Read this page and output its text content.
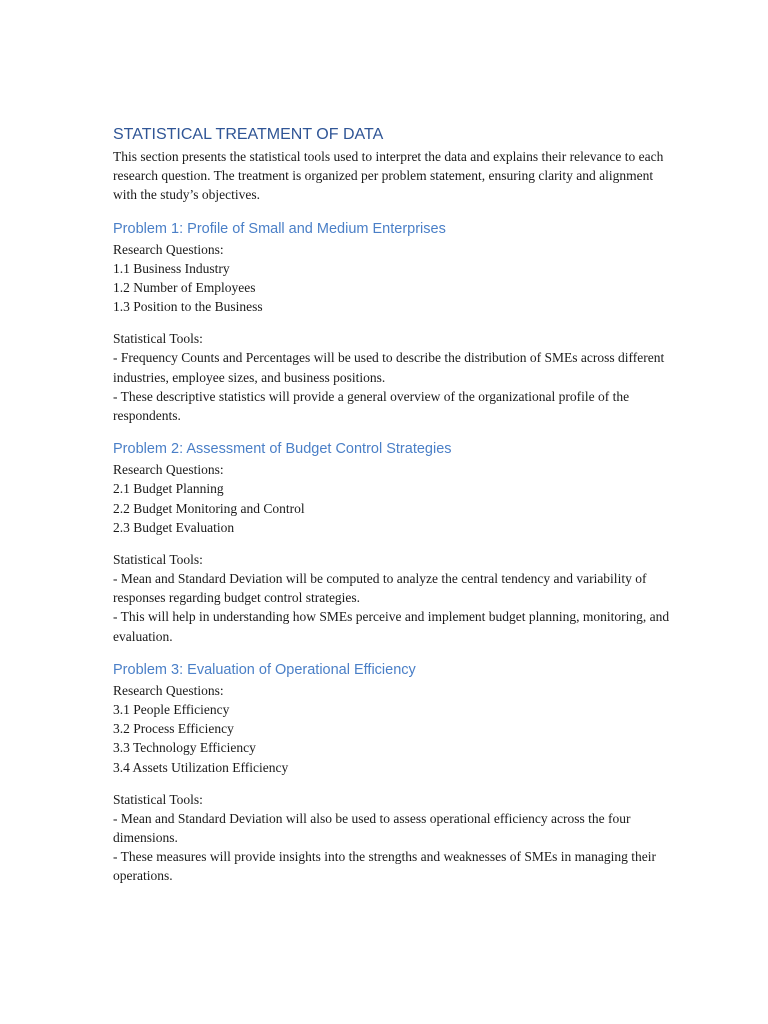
STATISTICAL TREATMENT OF DATA

This section presents the statistical tools used to interpret the data and explains their relevance to each research question. The treatment is organized per problem statement, ensuring clarity and alignment with the study’s objectives.

Problem 1: Profile of Small and Medium Enterprises
Research Questions:
1.1 Business Industry
1.2 Number of Employees
1.3 Position to the Business
Statistical Tools:
- Frequency Counts and Percentages will be used to describe the distribution of SMEs across different industries, employee sizes, and business positions.
- These descriptive statistics will provide a general overview of the organizational profile of the respondents.
Problem 2: Assessment of Budget Control Strategies
Research Questions:
2.1 Budget Planning
2.2 Budget Monitoring and Control
2.3 Budget Evaluation
Statistical Tools:
- Mean and Standard Deviation will be computed to analyze the central tendency and variability of responses regarding budget control strategies.
- This will help in understanding how SMEs perceive and implement budget planning, monitoring, and evaluation.
Problem 3: Evaluation of Operational Efficiency
Research Questions:
3.1 People Efficiency
3.2 Process Efficiency
3.3 Technology Efficiency
3.4 Assets Utilization Efficiency
Statistical Tools:
- Mean and Standard Deviation will also be used to assess operational efficiency across the four dimensions.
- These measures will provide insights into the strengths and weaknesses of SMEs in managing their operations.
